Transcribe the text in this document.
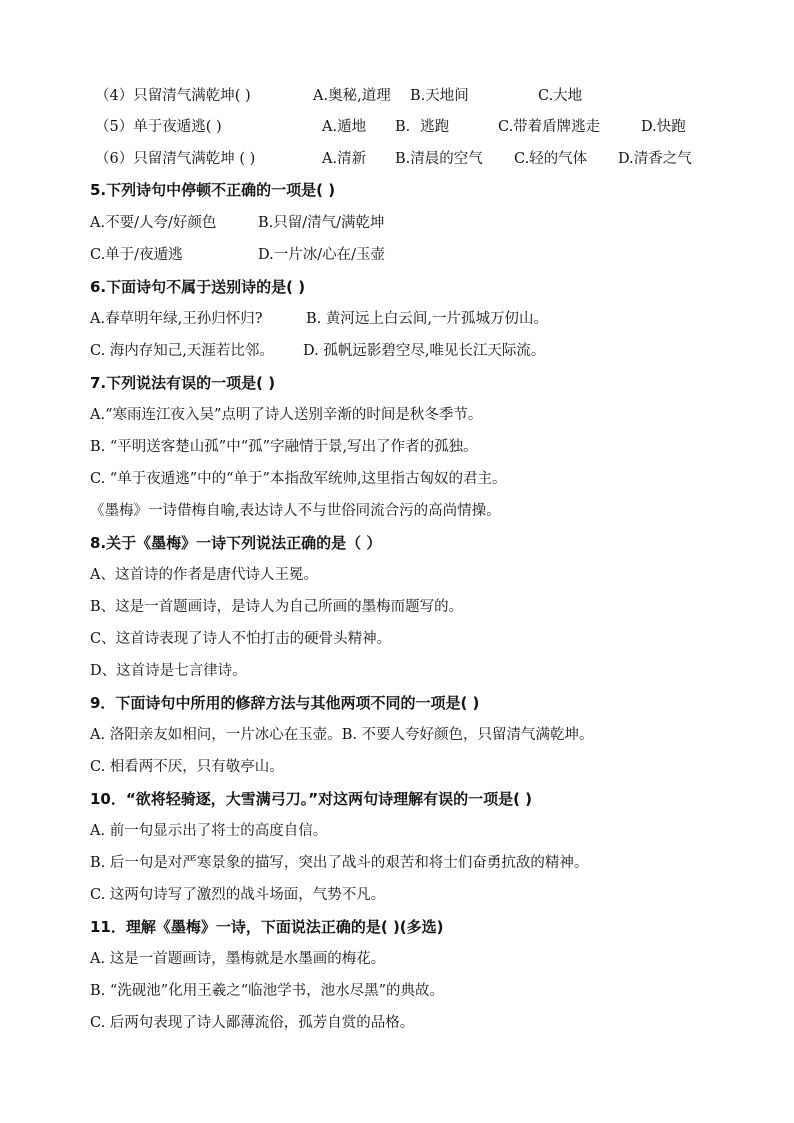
（4）只留清气满乾坤( )	A.奥秘,道理 B.天地间	C.大地
（5）单于夜遁逃( )	A.遁地 B．逃跑	C.带着盾牌逃走	D.快跑
（6）只留清气满乾坤 ( )	A.清新 B.清晨的空气 C.轻的气体 D.清香之气
5.下列诗句中停顿不正确的一项是( )
A.不要/人夸/好颜色	B.只留/清气/满乾坤
C.单于/夜遁逃	D.一片冰/心在/玉壶
6.下面诗句不属于送别诗的是( )
A.春草明年绿,王孙归怀归?	B. 黄河远上白云间,一片孤城万仞山。
C. 海内存知己,天涯若比邻。 D. 孤帆远影碧空尽,唯见长江天际流。
7.下列说法有误的一项是( )
A.“寒雨连江夜入吴”点明了诗人送别辛渐的时间是秋冬季节。
B. “平明送客楚山孤”中“孤”字融情于景,写出了作者的孤独。
C. “单于夜遁逃”中的“单于”本指敌军统帅,这里指古匈奴的君主。
《墨梅》一诗借梅自喻,表达诗人不与世俗同流合污的高尚情操。
8.关于《墨梅》一诗下列说法正确的是（ ）
A、这首诗的作者是唐代诗人王冕。
B、这是一首题画诗，是诗人为自己所画的墨梅而题写的。
C、这首诗表现了诗人不怕打击的硬骨头精神。
D、这首诗是七言律诗。
9．下面诗句中所用的修辞方法与其他两项不同的一项是( )
A. 洛阳亲友如相问，一片冰心在玉壶。B. 不要人夸好颜色，只留清气满乾坤。
C. 相看两不厌，只有敬亭山。
10．“欲将轻骑逐，大雪满弓刀。”对这两句诗理解有误的一项是( )
A. 前一句显示出了将士的高度自信。
B. 后一句是对严寒景象的描写，突出了战斗的艰苦和将士们奋勇抗敌的精神。
C. 这两句诗写了激烈的战斗场面，气势不凡。
11．理解《墨梅》一诗，下面说法正确的是( )(多选)
A. 这是一首题画诗，墨梅就是水墨画的梅花。
B. “洗砚池”化用王羲之“临池学书，池水尽黑”的典故。
C. 后两句表现了诗人鄙薄流俗，孤芳自赏的品格。
